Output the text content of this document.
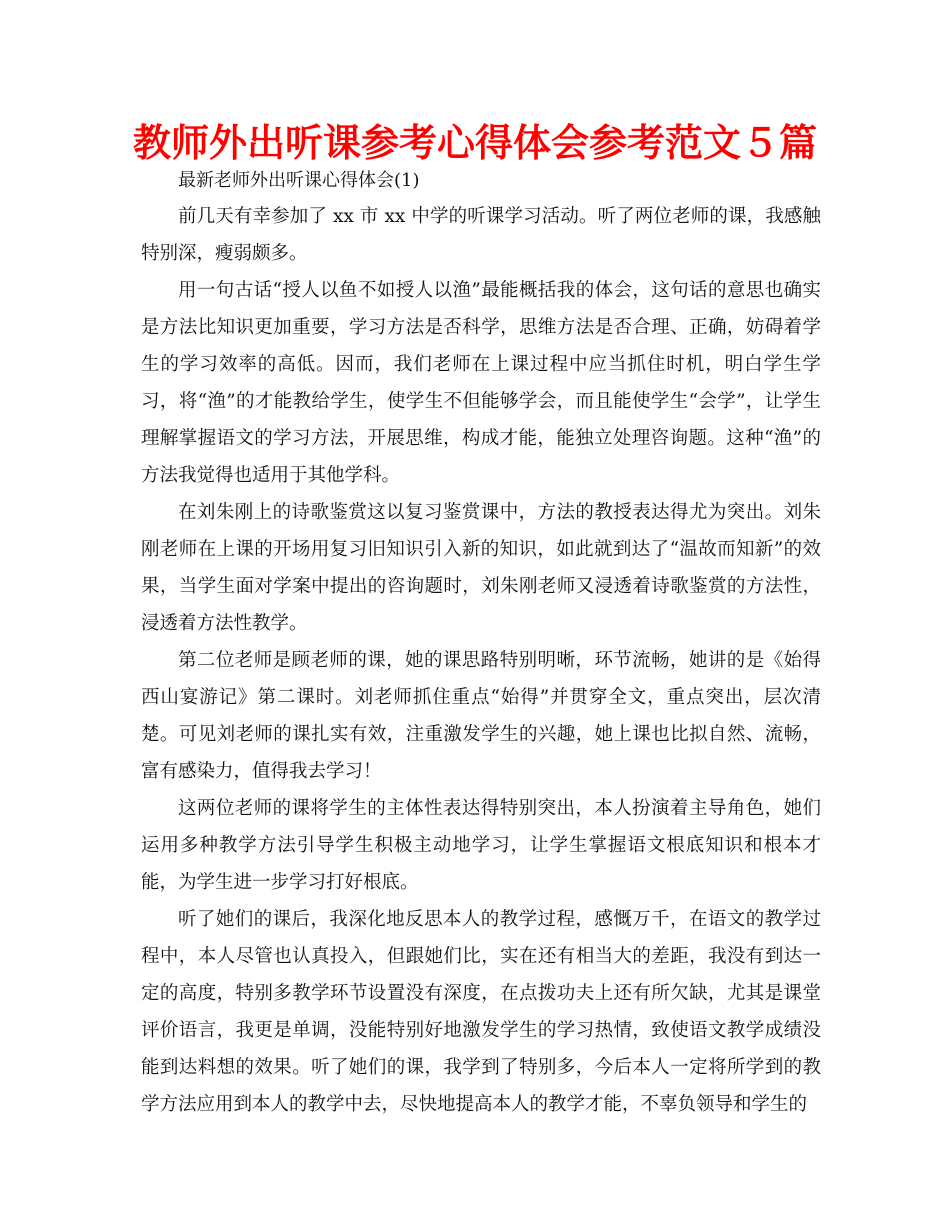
教师外出听课参考心得体会参考范文５篇
最新老师外出听课心得体会(1)

前几天有幸参加了 xx 市 xx 中学的听课学习活动。听了两位老师的课，我感触特别深，瘦弱颇多。

用一句古话“授人以鱼不如授人以渔”最能概括我的体会，这句话的意思也确实是方法比知识更加重要，学习方法是否科学，思维方法是否合理、正确，妨碍着学生的学习效率的高低。因而，我们老师在上课过程中应当抓住时机，明白学生学习，将“渔”的才能教给学生，使学生不但能够学会，而且能使学生“会学”，让学生理解掌握语文的学习方法，开展思维，构成才能，能独立处理咨询题。这种“渔”的方法我觉得也适用于其他学科。

在刘朱刚上的诗歌鉴赏这以复习鉴赏课中，方法的教授表达得尤为突出。刘朱刚老师在上课的开场用复习旧知识引入新的知识，如此就到达了“温故而知新”的效果，当学生面对学案中提出的咨询题时，刘朱刚老师又浸透着诗歌鉴赏的方法性，浸透着方法性教学。

第二位老师是顾老师的课，她的课思路特别明晰，环节流畅，她讲的是《始得西山宴游记》第二课时。刘老师抓住重点“始得”并贯穿全文，重点突出，层次清楚。可见刘老师的课扎实有效，注重激发学生的兴趣，她上课也比拟自然、流畅，富有感染力，值得我去学习！

这两位老师的课将学生的主体性表达得特别突出，本人扮演着主导角色，她们运用多种教学方法引导学生积极主动地学习，让学生掌握语文根底知识和根本才能，为学生进一步学习打好根底。

听了她们的课后，我深化地反思本人的教学过程，感慨万千，在语文的教学过程中，本人尽管也认真投入，但跟她们比，实在还有相当大的差距，我没有到达一定的高度，特别多教学环节设置没有深度，在点拨功夫上还有所欠缺，尤其是课堂评价语言，我更是单调，没能特别好地激发学生的学习热情，致使语文教学成绩没能到达料想的效果。听了她们的课，我学到了特别多，今后本人一定将所学到的教学方法应用到本人的教学中去，尽快地提高本人的教学才能，不辜负领导和学生的
